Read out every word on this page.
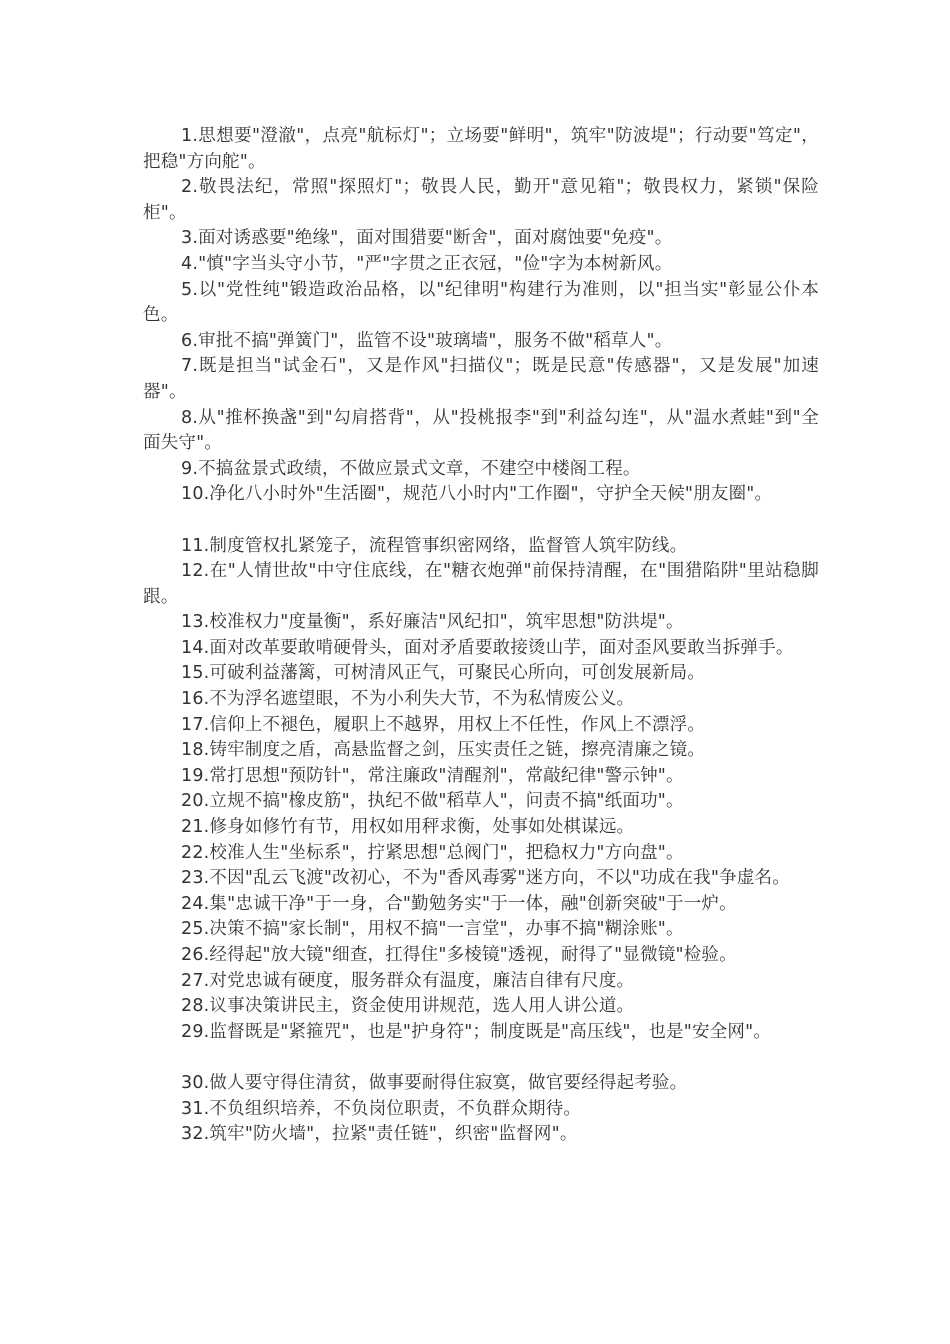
1.思想要"澄澈"，点亮"航标灯"；立场要"鲜明"，筑牢"防波堤"；行动要"笃定"，把稳"方向舵"。

2.敬畏法纪，常照"探照灯"；敬畏人民，勤开"意见箱"；敬畏权力，紧锁"保险柜"。

3.面对诱惑要"绝缘"，面对围猎要"断舍"，面对腐蚀要"免疫"。

4."慎"字当头守小节，"严"字贯之正衣冠，"俭"字为本树新风。

5.以"党性纯"锻造政治品格，以"纪律明"构建行为准则，以"担当实"彰显公仆本色。

6.审批不搞"弹簧门"，监管不设"玻璃墙"，服务不做"稻草人"。

7.既是担当"试金石"，又是作风"扫描仪"；既是民意"传感器"，又是发展"加速器"。

8.从"推杯换盏"到"勾肩搭背"，从"投桃报李"到"利益勾连"，从"温水煮蛙"到"全面失守"。

9.不搞盆景式政绩，不做应景式文章，不建空中楼阁工程。

10.净化八小时外"生活圈"，规范八小时内"工作圈"，守护全天候"朋友圈"。

11.制度管权扎紧笼子，流程管事织密网络，监督管人筑牢防线。

12.在"人情世故"中守住底线，在"糖衣炮弹"前保持清醒，在"围猎陷阱"里站稳脚跟。

13.校准权力"度量衡"，系好廉洁"风纪扣"，筑牢思想"防洪堤"。

14.面对改革要敢啃硬骨头，面对矛盾要敢接烫山芋，面对歪风要敢当拆弹手。

15.可破利益藩篱，可树清风正气，可聚民心所向，可创发展新局。

16.不为浮名遮望眼，不为小利失大节，不为私情废公义。

17.信仰上不褪色，履职上不越界，用权上不任性，作风上不漂浮。

18.铸牢制度之盾，高悬监督之剑，压实责任之链，擦亮清廉之镜。

19.常打思想"预防针"，常注廉政"清醒剂"，常敲纪律"警示钟"。

20.立规不搞"橡皮筋"，执纪不做"稻草人"，问责不搞"纸面功"。

21.修身如修竹有节，用权如用秤求衡，处事如处棋谋远。

22.校准人生"坐标系"，拧紧思想"总阀门"，把稳权力"方向盘"。

23.不因"乱云飞渡"改初心，不为"香风毒雾"迷方向，不以"功成在我"争虚名。

24.集"忠诚干净"于一身，合"勤勉务实"于一体，融"创新突破"于一炉。

25.决策不搞"家长制"，用权不搞"一言堂"，办事不搞"糊涂账"。

26.经得起"放大镜"细查，扛得住"多棱镜"透视，耐得了"显微镜"检验。

27.对党忠诚有硬度，服务群众有温度，廉洁自律有尺度。

28.议事决策讲民主，资金使用讲规范，选人用人讲公道。

29.监督既是"紧箍咒"，也是"护身符"；制度既是"高压线"，也是"安全网"。

30.做人要守得住清贫，做事要耐得住寂寞，做官要经得起考验。

31.不负组织培养，不负岗位职责，不负群众期待。

32.筑牢"防火墙"，拉紧"责任链"，织密"监督网"。
